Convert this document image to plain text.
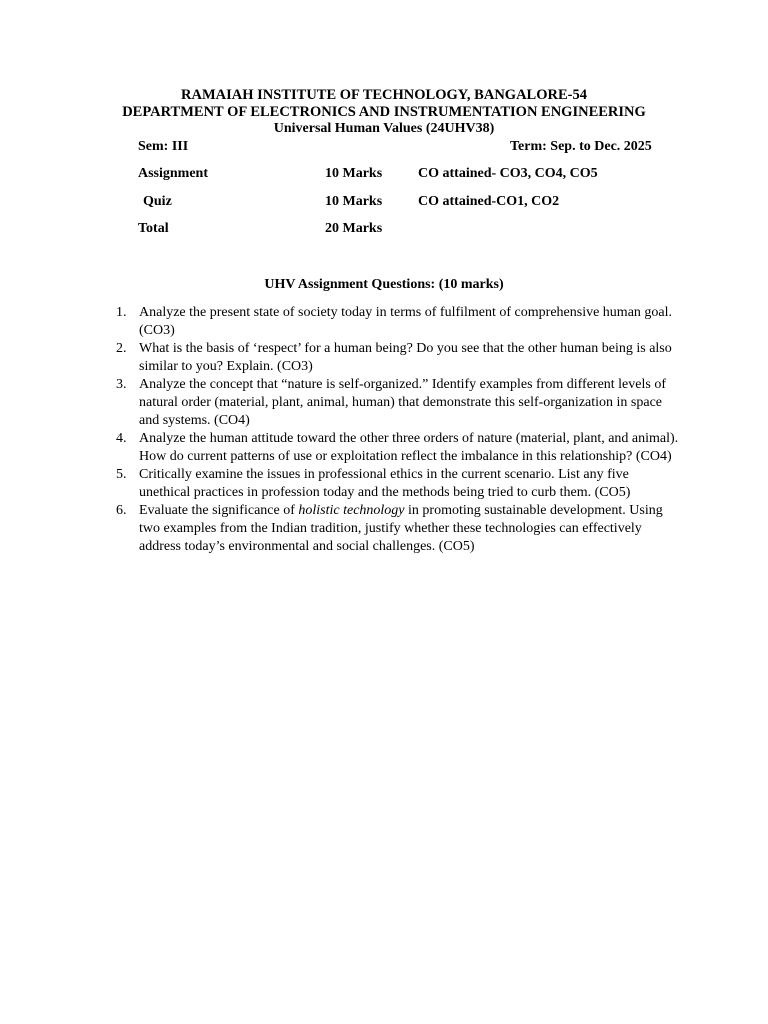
RAMAIAH INSTITUTE OF TECHNOLOGY, BANGALORE-54
DEPARTMENT OF ELECTRONICS AND INSTRUMENTATION ENGINEERING
Universal Human Values (24UHV38)
Sem: III	Term: Sep. to Dec. 2025
Assignment	10 Marks	CO attained- CO3, CO4, CO5
Quiz	10 Marks	CO attained-CO1, CO2
Total	20 Marks
UHV Assignment Questions: (10 marks)
1. Analyze the present state of society today in terms of fulfilment of comprehensive human goal. (CO3)
2. What is the basis of ‘respect’ for a human being? Do you see that the other human being is also similar to you? Explain. (CO3)
3. Analyze the concept that “nature is self-organized.” Identify examples from different levels of natural order (material, plant, animal, human) that demonstrate this self-organization in space and systems. (CO4)
4. Analyze the human attitude toward the other three orders of nature (material, plant, and animal). How do current patterns of use or exploitation reflect the imbalance in this relationship? (CO4)
5. Critically examine the issues in professional ethics in the current scenario. List any five unethical practices in profession today and the methods being tried to curb them. (CO5)
6. Evaluate the significance of holistic technology in promoting sustainable development. Using two examples from the Indian tradition, justify whether these technologies can effectively address today’s environmental and social challenges. (CO5)
